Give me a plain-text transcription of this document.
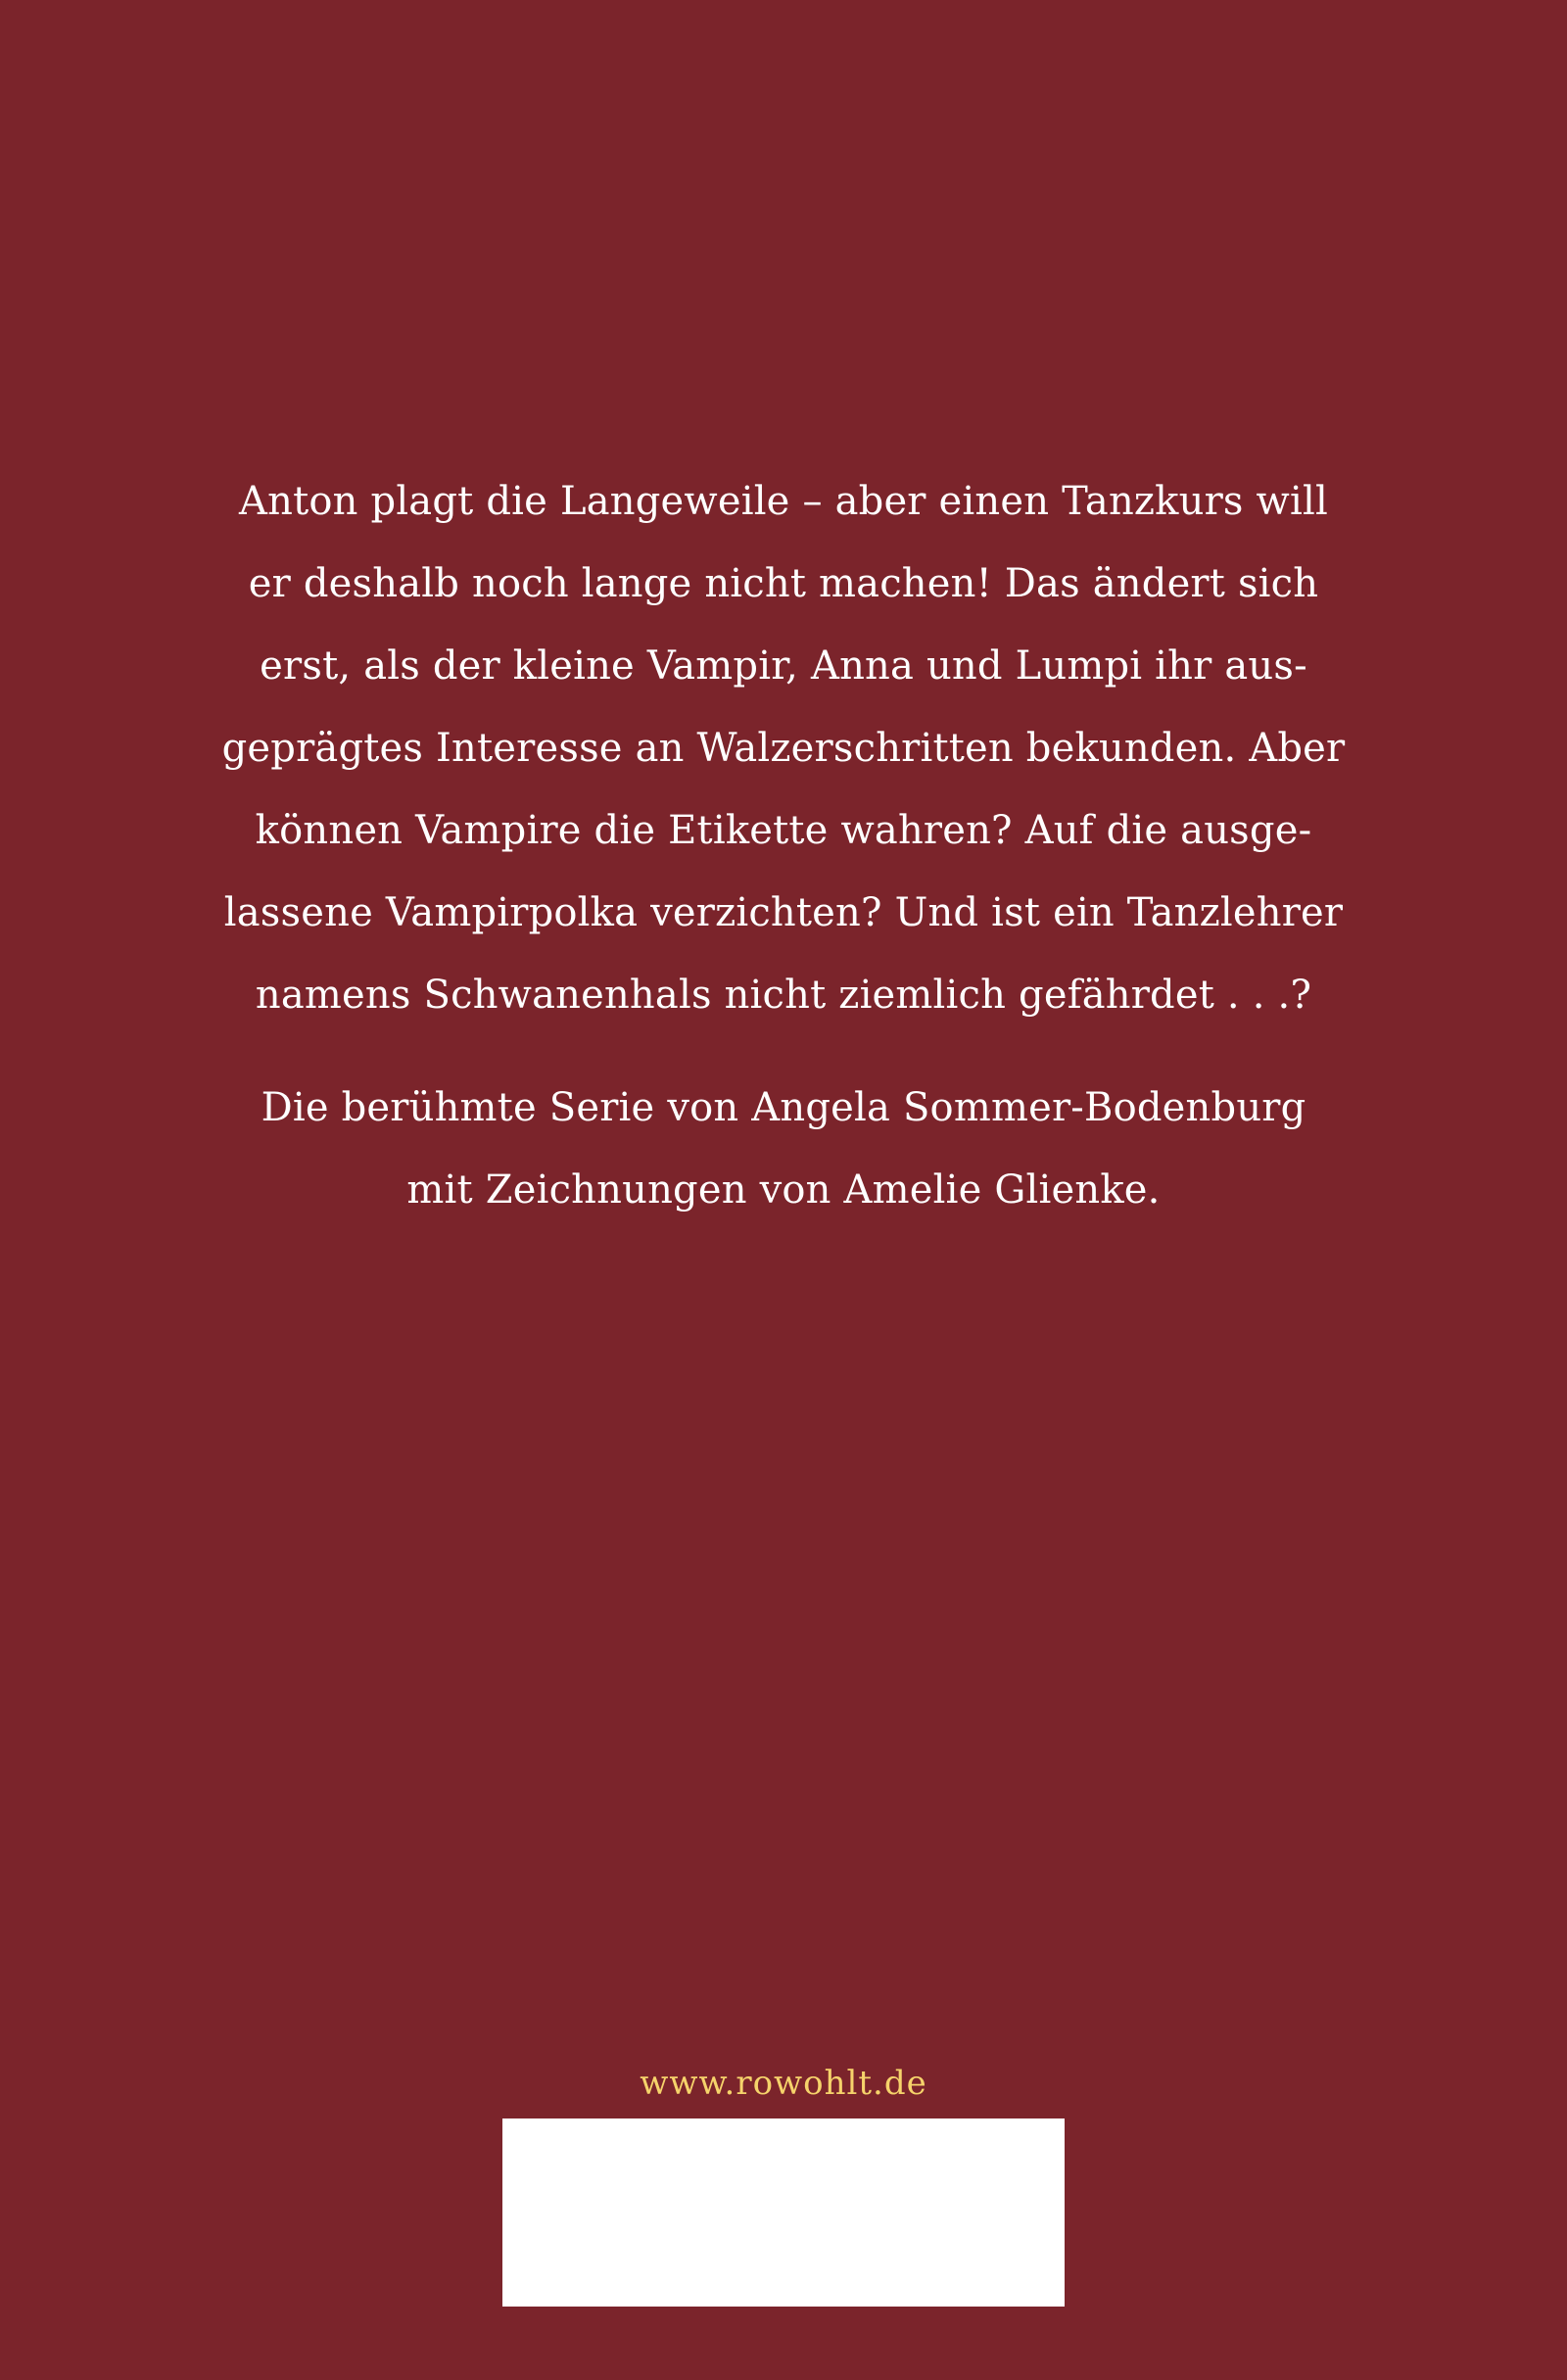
Anton plagt die Langeweile – aber einen Tanzkurs will
er deshalb noch lange nicht machen! Das ändert sich
erst, als der kleine Vampir, Anna und Lumpi ihr aus-
geprägtes Interesse an Walzerschritten bekunden. Aber
können Vampire die Etikette wahren? Auf die ausge-
lassene Vampirpolka verzichten? Und ist ein Tanzlehrer
namens Schwanenhals nicht ziemlich gefährdet . . .?
Die berühmte Serie von Angela Sommer-Bodenburg
mit Zeichnungen von Amelie Glienke.
www.rowohlt.de
